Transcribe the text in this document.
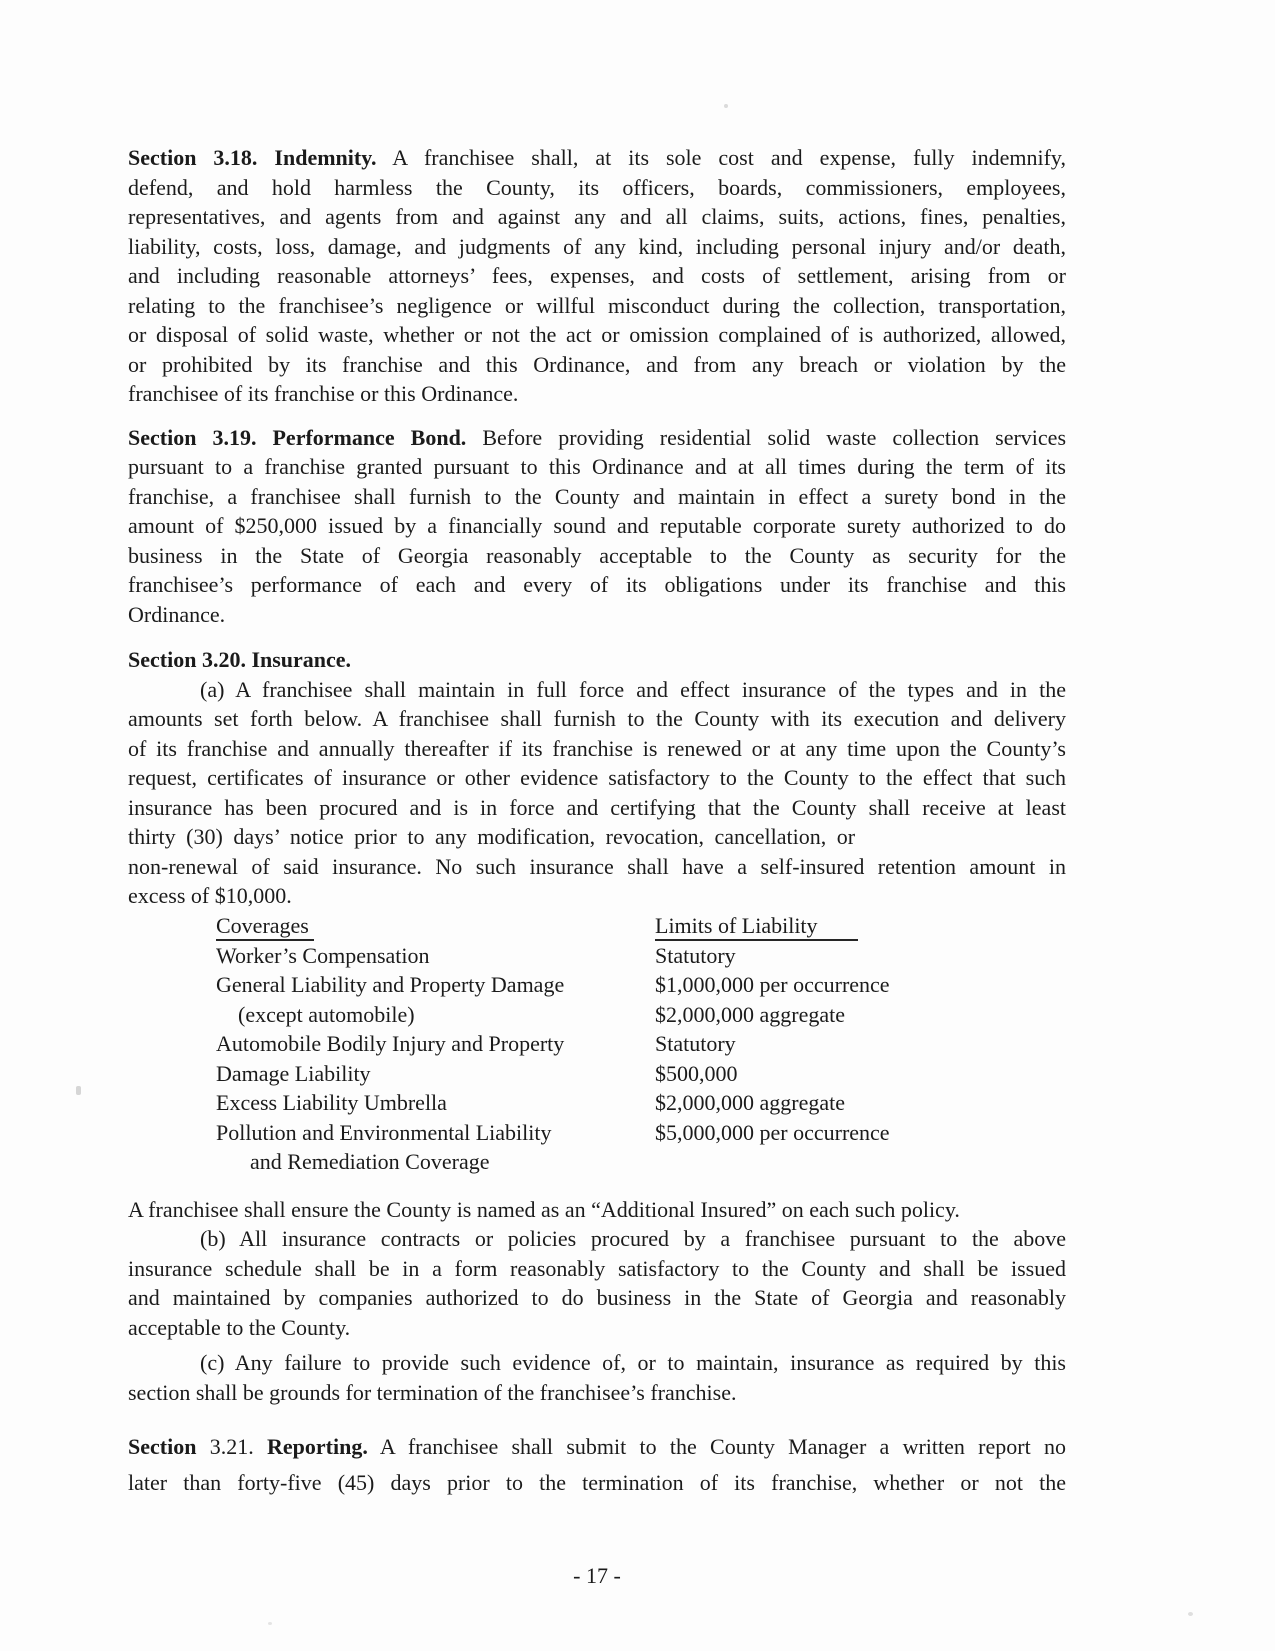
Section 3.18. Indemnity. A franchisee shall, at its sole cost and expense, fully indemnify,
defend, and hold harmless the County, its officers, boards, commissioners, employees,
representatives, and agents from and against any and all claims, suits, actions, fines, penalties,
liability, costs, loss, damage, and judgments of any kind, including personal injury and/or death,
and including reasonable attorneys’ fees, expenses, and costs of settlement, arising from or
relating to the franchisee’s negligence or willful misconduct during the collection, transportation,
or disposal of solid waste, whether or not the act or omission complained of is authorized, allowed,
or prohibited by its franchise and this Ordinance, and from any breach or violation by the
franchisee of its franchise or this Ordinance.
Section 3.19. Performance Bond. Before providing residential solid waste collection services
pursuant to a franchise granted pursuant to this Ordinance and at all times during the term of its
franchise, a franchisee shall furnish to the County and maintain in effect a surety bond in the
amount of $250,000 issued by a financially sound and reputable corporate surety authorized to do
business in the State of Georgia reasonably acceptable to the County as security for the
franchisee’s performance of each and every of its obligations under its franchise and this
Ordinance.
Section 3.20. Insurance.
(a) A franchisee shall maintain in full force and effect insurance of the types and in the
amounts set forth below. A franchisee shall furnish to the County with its execution and delivery
of its franchise and annually thereafter if its franchise is renewed or at any time upon the County’s
request, certificates of insurance or other evidence satisfactory to the County to the effect that such
insurance has been procured and is in force and certifying that the County shall receive at least
thirty (30) days’ notice prior to any modification, revocation, cancellation, or
non-renewal of said insurance. No such insurance shall have a self-insured retention amount in
excess of $10,000.
Coverages	Limits of Liability
Worker’s Compensation	Statutory
General Liability and Property Damage	$1,000,000 per occurrence
(except automobile)	$2,000,000 aggregate
Automobile Bodily Injury and Property	Statutory
Damage Liability	$500,000
Excess Liability Umbrella	$2,000,000 aggregate
Pollution and Environmental Liability	$5,000,000 per occurrence
and Remediation Coverage
A franchisee shall ensure the County is named as an “Additional Insured” on each such policy.
(b) All insurance contracts or policies procured by a franchisee pursuant to the above
insurance schedule shall be in a form reasonably satisfactory to the County and shall be issued
and maintained by companies authorized to do business in the State of Georgia and reasonably
acceptable to the County.
(c) Any failure to provide such evidence of, or to maintain, insurance as required by this
section shall be grounds for termination of the franchisee’s franchise.
Section 3.21. Reporting. A franchisee shall submit to the County Manager a written report no
later than forty-five (45) days prior to the termination of its franchise, whether or not the
- 17 -
